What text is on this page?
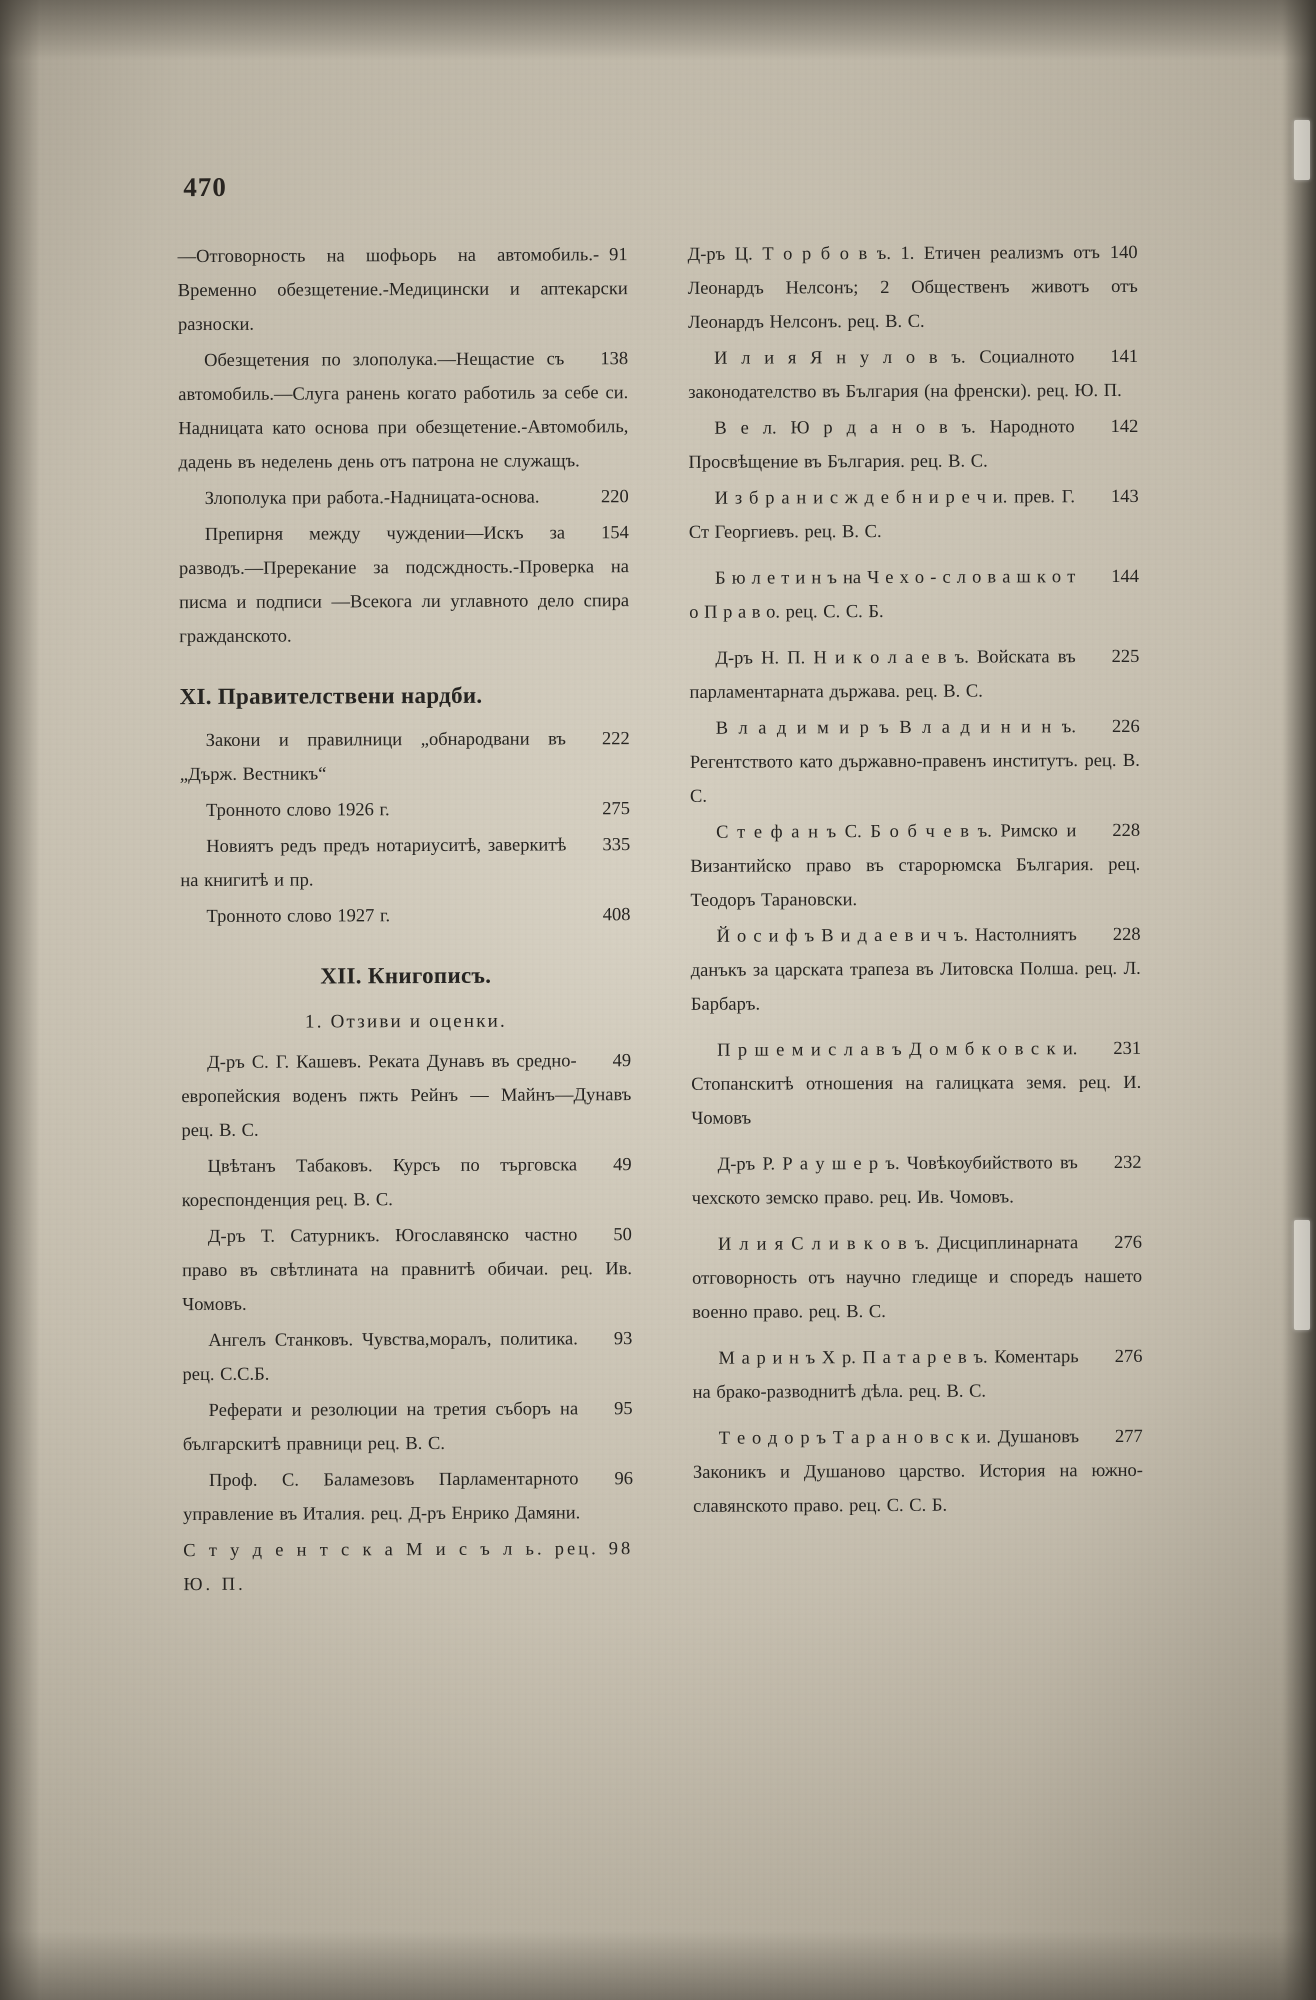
470

91
—Отговорность на шофьорь на автомобиль.-Временно обезщетение.-Медицински и аптекарски разноски.

138
Обезщетения по злополука.—Нещастие съ автомобиль.—Слуга ранень когато работиль за себе си. Надницата като основа при обезщетение.-Автомобиль, дадень въ неделень день отъ патрона не служащъ.

220
Злополука при работа.-Надницата-основа.

154
Препирня между чуждении—Искъ за разводъ.—Пререкание за подсждность.-Проверка на писма и подписи —Всекога ли углавното дело спира гражданското.

XI. Правителствени нардби.

222
Закони и правилници „обнародвани въ „Държ. Вестникъ“

275
Тронното слово 1926 г.

335
Новиятъ редъ предъ нотариуситѣ, заверкитѣ на книгитѣ и пр.

408
Тронното слово 1927 г.

XII. Книгописъ.
1. Отзиви и оценки.

49
Д-ръ С. Г. Кашевъ. Реката Дунавъ въ средно-европейския воденъ пжть Рейнъ — Майнъ—Дунавъ рец. В. С.

49
Цвѣтанъ Табаковъ. Курсъ по търговска кореспонденция рец. В. С.

50
Д-ръ Т. Сатурникъ. Югославянско частно право въ свѣтлината на правнитѣ обичаи. рец. Ив. Чомовъ.

93
Ангелъ Станковъ. Чувства,моралъ, политика. рец. С.С.Б.

95
Реферати и резолюции на третия съборъ на българскитѣ правници рец. В. С.

96
Проф. С. Баламезовъ Парламентарното управление въ Италия. рец. Д-ръ Енрико Дамяни.

98
С т у д е н т с к а М и с ъ л ь. рец. Ю. П.

140
Д-ръ Ц. Т о р б о в ъ. 1. Етичен реализмъ отъ Леонардъ Нелсонъ; 2 Общественъ животъ отъ Леонардъ Нелсонъ. рец. В. С.

141
И л и я Я н у л о в ъ. Социалното законодателство въ България (на френски). рец. Ю. П.

142
В е л. Ю р д а н о в ъ. Народното Просвѣщение въ България. рец. В. С.

143
И з б р а н и с ж д е б н и р е ч и. прев. Г. Ст Георгиевъ. рец. В. С.

144
Б ю л е т и н ъ на Ч е х о - с л о в а ш к о т о П р а в о. рец. С. С. Б.

225
Д-ръ Н. П. Н и к о л а е в ъ. Войската въ парламентарната държава. рец. В. С.

226
В л а д и м и р ъ В л а д и н и н ъ. Регентството като държавно-правенъ институтъ. рец. В. С.

228
С т е ф а н ъ С. Б о б ч е в ъ. Римско и Византийско право въ старорюмска България. рец. Теодоръ Тарановски.

228
Й о с и ф ъ В и д а е в и ч ъ. Настолниятъ данъкъ за царската трапеза въ Литовска Полша. рец. Л. Барбаръ.

231
П р ш е м и с л а в ъ Д о м б к о в с к и. Стопанскитѣ отношения на галицката земя. рец. И. Чомовъ

232
Д-ръ Р. Р а у ш е р ъ. Човѣкоубийството въ чехското земско право. рец. Ив. Чомовъ.

276
И л и я С л и в к о в ъ. Дисциплинарната отговорность отъ научно гледище и споредъ нашето военно право. рец. В. С.

276
М а р и н ъ Х р. П а т а р е в ъ. Коментарь на брако-разводнитѣ дѣла. рец. В. С.

277
Т е о д о р ъ Т а р а н о в с к и. Душановъ Законикъ и Душаново царство. История на южно-славянското право. рец. С. С. Б.
